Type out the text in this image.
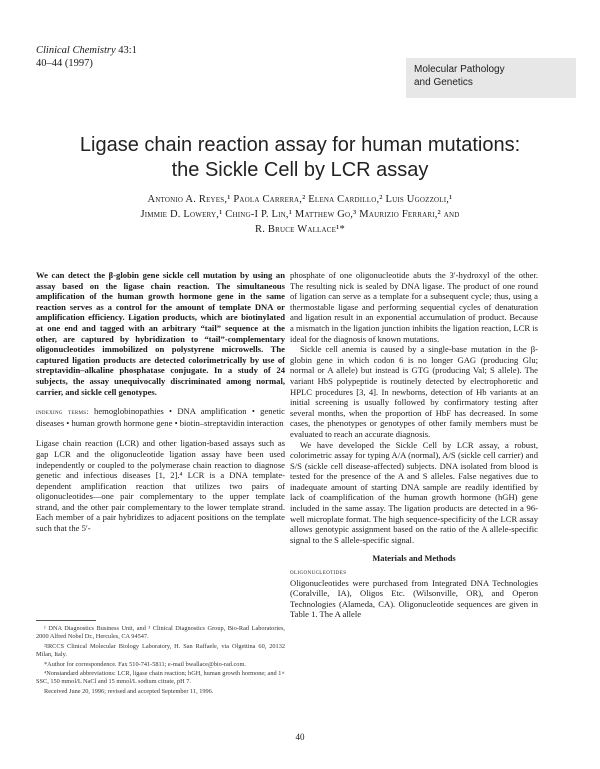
Clinical Chemistry 43:1
40–44 (1997)
Molecular Pathology
and Genetics
Ligase chain reaction assay for human mutations:
the Sickle Cell by LCR assay
Antonio A. Reyes,¹ Paola Carrera,² Elena Cardillo,² Luis Ugozzoli,¹
Jimmie D. Lowery,¹ Ching-I P. Lin,¹ Matthew Go,³ Maurizio Ferrari,² and
R. Bruce Wallace¹*

We can detect the β-globin gene sickle cell mutation by using an assay based on the ligase chain reaction. The simultaneous amplification of the human growth hormone gene in the same reaction serves as a control for the amount of template DNA or amplification efficiency. Ligation products, which are biotinylated at one end and tagged with an arbitrary “tail” sequence at the other, are captured by hybridization to “tail”-complementary oligonucleotides immobilized on polystyrene microwells. The captured ligation products are detected colorimetrically by use of streptavidin–alkaline phosphatase conjugate. In a study of 24 subjects, the assay unequivocally discriminated among normal, carrier, and sickle cell genotypes.

indexing terms: hemoglobinopathies • DNA amplification • genetic diseases • human growth hormone gene • biotin–streptavidin interaction

Ligase chain reaction (LCR) and other ligation-based assays such as gap LCR and the oligonucleotide ligation assay have been used independently or coupled to the polymerase chain reaction to diagnose genetic and infectious diseases [1, 2].⁴ LCR is a DNA template-dependent amplification reaction that utilizes two pairs of oligonucleotides—one pair complementary to the upper template strand, and the other pair complementary to the lower template strand. Each member of a pair hybridizes to adjacent positions on the template such that the 5′-

¹ DNA Diagnostics Business Unit, and ³ Clinical Diagnostics Group, Bio-Rad Laboratories, 2000 Alfred Nobel Dr., Hercules, CA 94547.

²IRCCS Clinical Molecular Biology Laboratory, H. San Raffaele, via Olgettina 60, 20132 Milan, Italy.

*Author for correspondence. Fax 510-741-5811; e-mail bwallace@bio-rad.com.

⁴Nonstandard abbreviations: LCR, ligase chain reaction; hGH, human growth hormone; and 1× SSC, 150 mmol/L NaCl and 15 mmol/L sodium citrate, pH 7.

Received June 20, 1996; revised and accepted September 11, 1996.

phosphate of one oligonucleotide abuts the 3′-hydroxyl of the other. The resulting nick is sealed by DNA ligase. The product of one round of ligation can serve as a template for a subsequent cycle; thus, using a thermostable ligase and performing sequential cycles of denaturation and ligation result in an exponential accumulation of product. Because a mismatch in the ligation junction inhibits the ligation reaction, LCR is ideal for the diagnosis of known mutations.

Sickle cell anemia is caused by a single-base mutation in the β-globin gene in which codon 6 is no longer GAG (producing Glu; normal or A allele) but instead is GTG (producing Val; S allele). The variant HbS polypeptide is routinely detected by electrophoretic and HPLC procedures [3, 4]. In newborns, detection of Hb variants at an initial screening is usually followed by confirmatory testing after several months, when the proportion of HbF has decreased. In some cases, the phenotypes or genotypes of other family members must be evaluated to reach an accurate diagnosis.

We have developed the Sickle Cell by LCR assay, a robust, colorimetric assay for typing A/A (normal), A/S (sickle cell carrier) and S/S (sickle cell disease-affected) subjects. DNA isolated from blood is tested for the presence of the A and S alleles. False negatives due to inadequate amount of starting DNA sample are readily identified by lack of coamplification of the human growth hormone (hGH) gene included in the same assay. The ligation products are detected in a 96-well microplate format. The high sequence-specificity of the LCR assay allows genotypic assignment based on the ratio of the A allele-specific signal to the S allele-specific signal.

Materials and Methods

oligonucleotides

Oligonucleotides were purchased from Integrated DNA Technologies (Coralville, IA), Oligos Etc. (Wilsonville, OR), and Operon Technologies (Alameda, CA). Oligonucleotide sequences are given in Table 1. The A allele

40
